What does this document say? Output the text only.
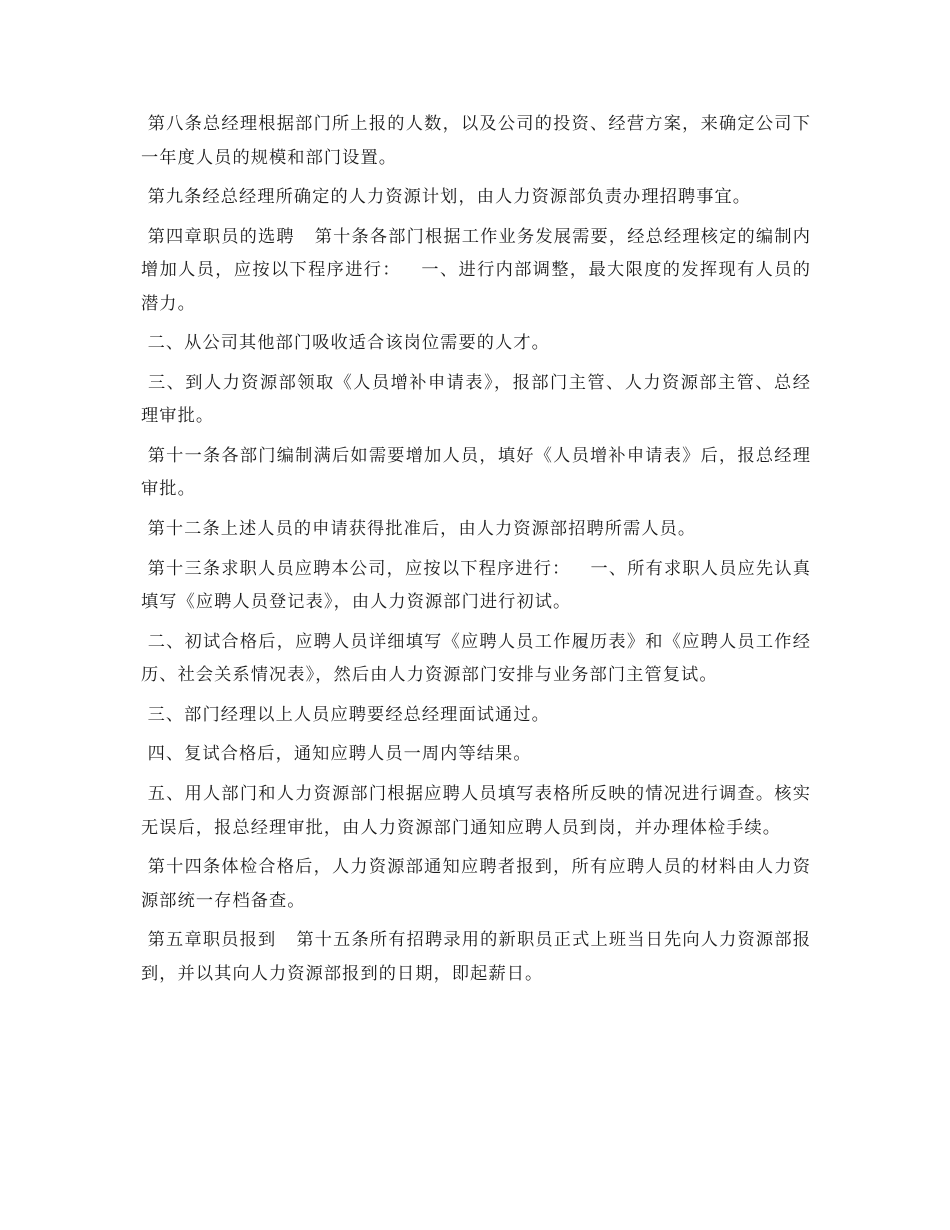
第八条总经理根据部门所上报的人数，以及公司的投资、经营方案，来确定公司下一年度人员的规模和部门设置。

第九条经总经理所确定的人力资源计划，由人力资源部负责办理招聘事宜。

第四章职员的选聘   第十条各部门根据工作业务发展需要，经总经理核定的编制内增加人员，应按以下程序进行：   一、进行内部调整，最大限度的发挥现有人员的潜力。

二、从公司其他部门吸收适合该岗位需要的人才。

三、到人力资源部领取《人员增补申请表》，报部门主管、人力资源部主管、总经理审批。

第十一条各部门编制满后如需要增加人员，填好《人员增补申请表》后，报总经理审批。

第十二条上述人员的申请获得批准后，由人力资源部招聘所需人员。

第十三条求职人员应聘本公司，应按以下程序进行：   一、所有求职人员应先认真填写《应聘人员登记表》，由人力资源部门进行初试。

二、初试合格后，应聘人员详细填写《应聘人员工作履历表》和《应聘人员工作经历、社会关系情况表》，然后由人力资源部门安排与业务部门主管复试。

三、部门经理以上人员应聘要经总经理面试通过。

四、复试合格后，通知应聘人员一周内等结果。

五、用人部门和人力资源部门根据应聘人员填写表格所反映的情况进行调查。核实无误后，报总经理审批，由人力资源部门通知应聘人员到岗，并办理体检手续。

第十四条体检合格后，人力资源部通知应聘者报到，所有应聘人员的材料由人力资源部统一存档备查。

第五章职员报到   第十五条所有招聘录用的新职员正式上班当日先向人力资源部报到，并以其向人力资源部报到的日期，即起薪日。
